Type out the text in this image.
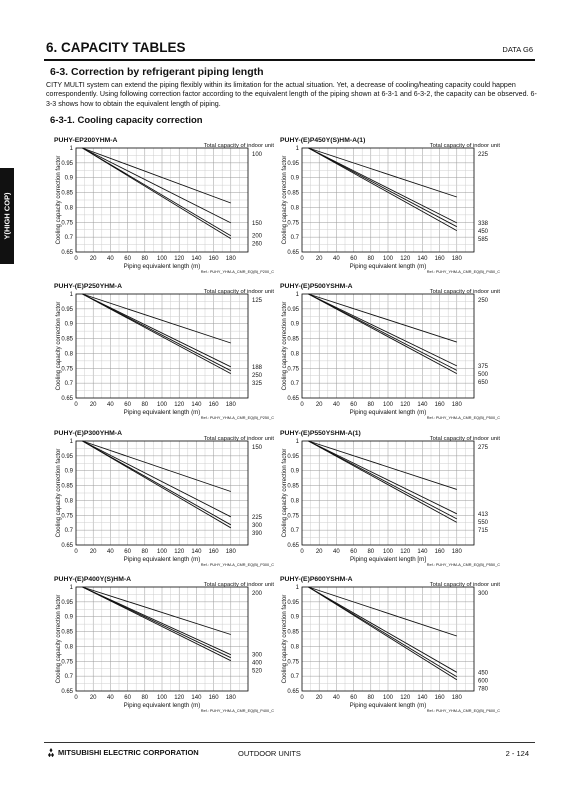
6. CAPACITY TABLES	DATA G6
6-3. Correction by refrigerant piping length
CITY MULTI system can extend the piping flexibly within its limitation for the actual situation. Yet, a decrease of cooling/heating capacity could happen correspondently. Using following correction factor according to the equivalent length of the piping shown at 6-3-1 and 6-3-2, the capacity can be observed. 6-3-3 shows how to obtain the equivalent length of piping.
6-3-1. Cooling capacity correction
Y(HIGH COP)
100
150
200
260
PUHY-EP200YHM-A
Total capacity of indoor unit
0.65
0.7
0.75
0.8
0.85
0.9
0.95
1
0 20 40 60 80 100 120 140 160 180
Piping equivalent length (m)
Cooling capacity correction factor
Ref.: PUHY_YHM-A_CMR_EQ(B)_P200_C
225
338
450
585
PUHY-(E)P450Y(S)HM-A(1)
Total capacity of indoor unit
0.65
0.7
0.75
0.8
0.85
0.9
0.95
1
0 20 40 60 80 100 120 140 160 180
Piping equivalent length (m)
Cooling capacity correction factor
Ref.: PUHY_YHM-A_CMR_EQ(B)_P450_C
125
188
250
325
PUHY-(E)P250YHM-A
Total capacity of indoor unit
0.65
0.7
0.75
0.8
0.85
0.9
0.95
1
0 20 40 60 80 100 120 140 160 180
Piping equivalent length (m)
Cooling capacity correction factor
Ref.: PUHY_YHM-A_CMR_EQ(B)_P250_C
250
375
500
650
PUHY-(E)P500YSHM-A
Total capacity of indoor unit
0.65
0.7
0.75
0.8
0.85
0.9
0.95
1
0 20 40 60 80 100 120 140 160 180
Piping equivalent length (m)
Cooling capacity correction factor
Ref.: PUHY_YHM-A_CMR_EQ(B)_P500_C
150
225
300
390
PUHY-(E)P300YHM-A
Total capacity of indoor unit
0.65
0.7
0.75
0.8
0.85
0.9
0.95
1
0 20 40 60 80 100 120 140 160 180
Piping equivalent length (m)
Cooling capacity correction factor
Ref.: PUHY_YHM-A_CMR_EQ(B)_P300_C
275
413
550
715
PUHY-(E)P550YSHM-A(1)
Total capacity of indoor unit
0.65
0.7
0.75
0.8
0.85
0.9
0.95
1
0 20 40 60 80 100 120 140 160 180
Piping equivalent length [m]
Cooling capacity correction factor
Ref.: PUHY_YHM-A_CMR_EQ(B)_P550_C
200
300
400
520
PUHY-(E)P400Y(S)HM-A
Total capacity of indoor unit
0.65
0.7
0.75
0.8
0.85
0.9
0.95
1
0 20 40 60 80 100 120 140 160 180
Piping equivalent length (m)
Cooling capacity correction factor
Ref.: PUHY_YHM-A_CMR_EQ(B)_P400_C
300
450
600
780
PUHY-(E)P600YSHM-A
Total capacity of indoor unit
0.65
0.7
0.75
0.8
0.85
0.9
0.95
1
0 20 40 60 80 100 120 140 160 180
Piping equivalent length (m)
Cooling capacity correction factor
Ref.: PUHY_YHM-A_CMR_EQ(B)_P600_C
MITSUBISHI ELECTRIC CORPORATION	OUTDOOR UNITS	2 - 124
